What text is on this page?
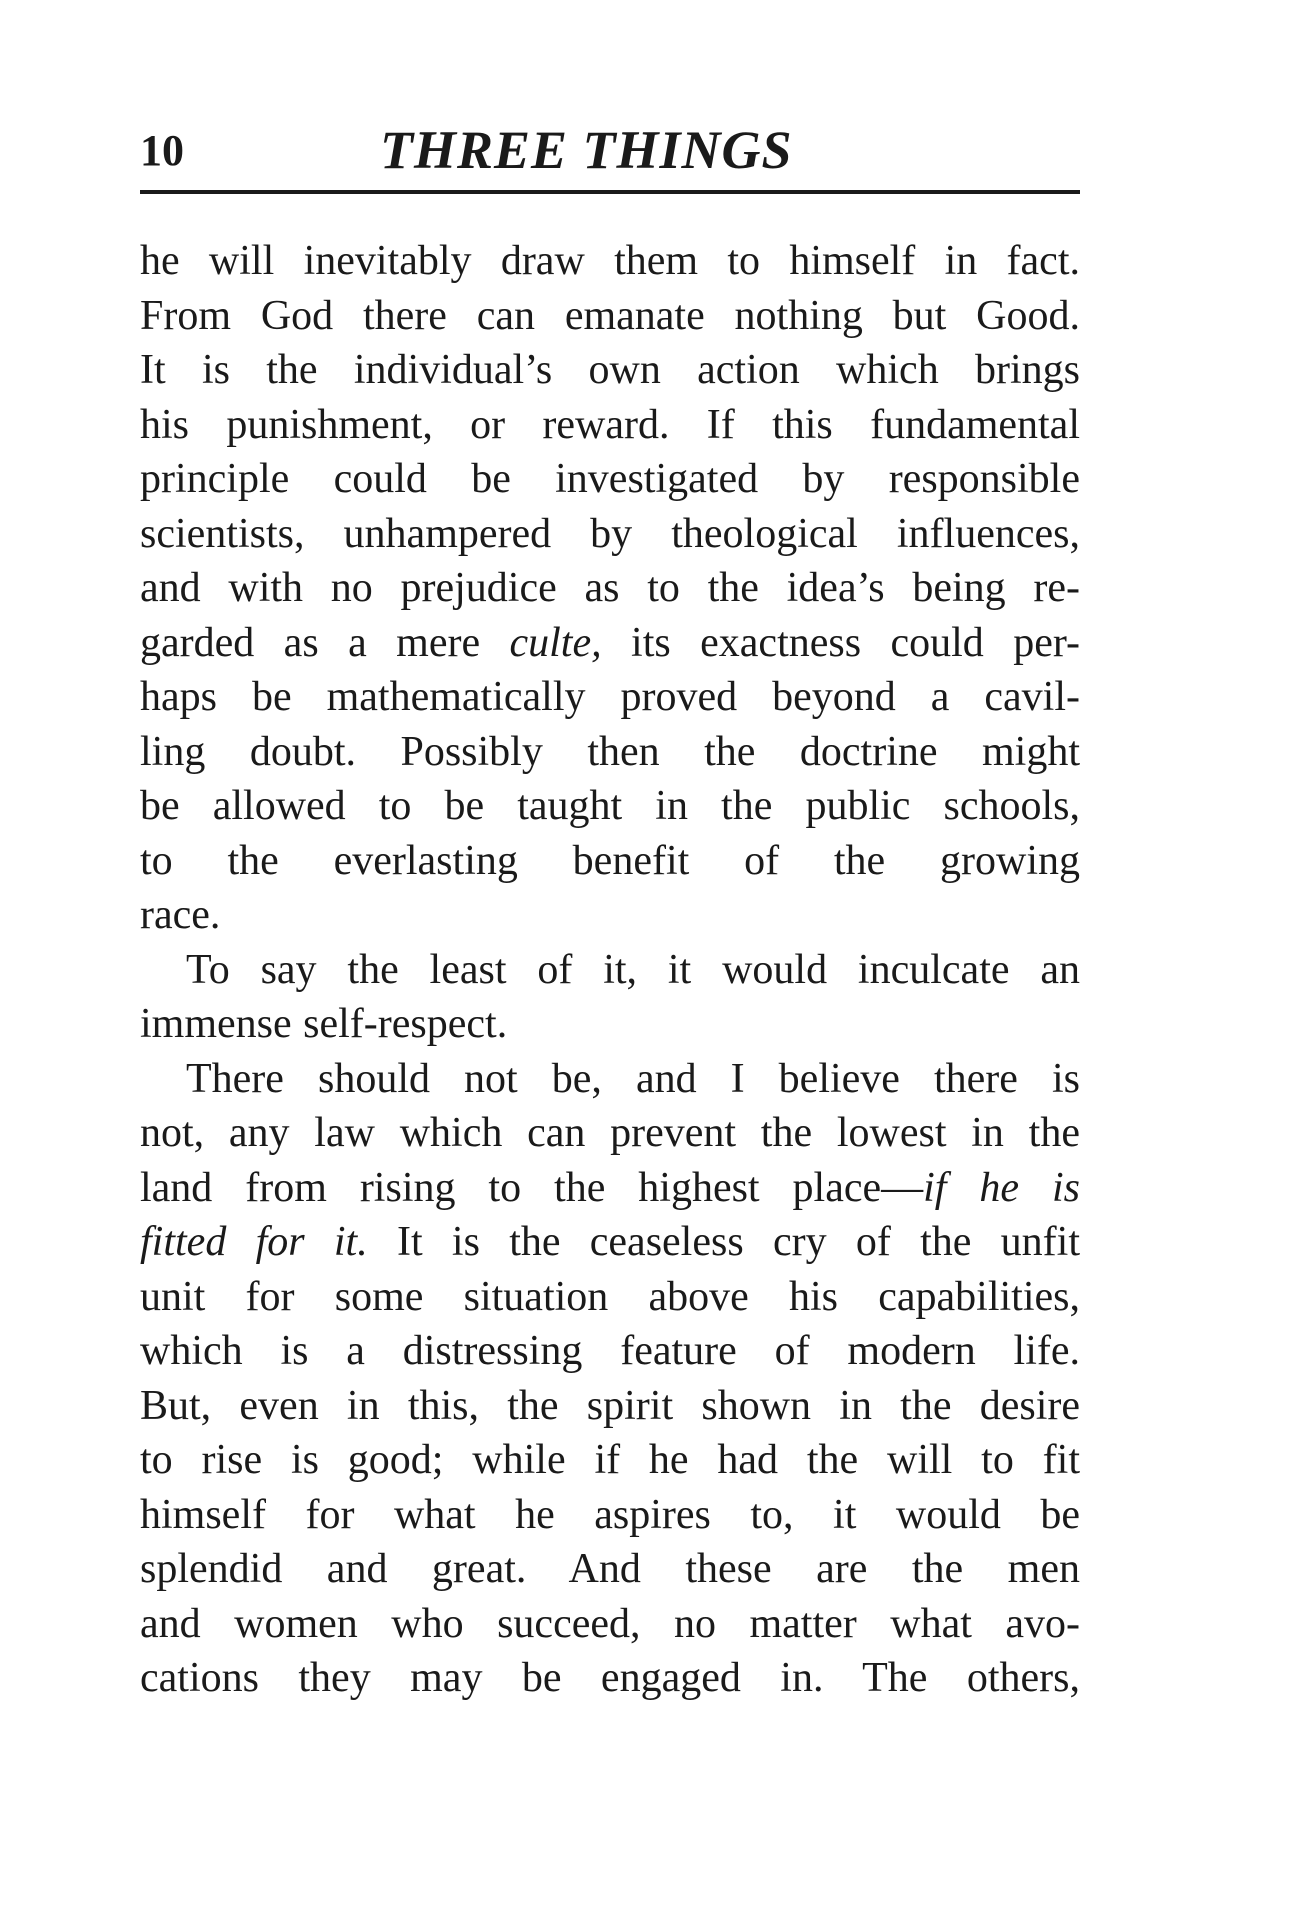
10	THREE THINGS
he will inevitably draw them to himself in fact.
From God there can emanate nothing but Good.
It is the individual’s own action which brings
his punishment, or reward. If this fundamental
principle could be investigated by responsible
scientists, unhampered by theological influences,
and with no prejudice as to the idea’s being re-
garded as a mere culte, its exactness could per-
haps be mathematically proved beyond a cavil-
ling doubt. Possibly then the doctrine might
be allowed to be taught in the public schools,
to the everlasting benefit of the growing
race.
To say the least of it, it would inculcate an
immense self-respect.
There should not be, and I believe there is
not, any law which can prevent the lowest in the
land from rising to the highest place—if he is
fitted for it. It is the ceaseless cry of the unfit
unit for some situation above his capabilities,
which is a distressing feature of modern life.
But, even in this, the spirit shown in the desire
to rise is good; while if he had the will to fit
himself for what he aspires to, it would be
splendid and great. And these are the men
and women who succeed, no matter what avo-
cations they may be engaged in. The others,
